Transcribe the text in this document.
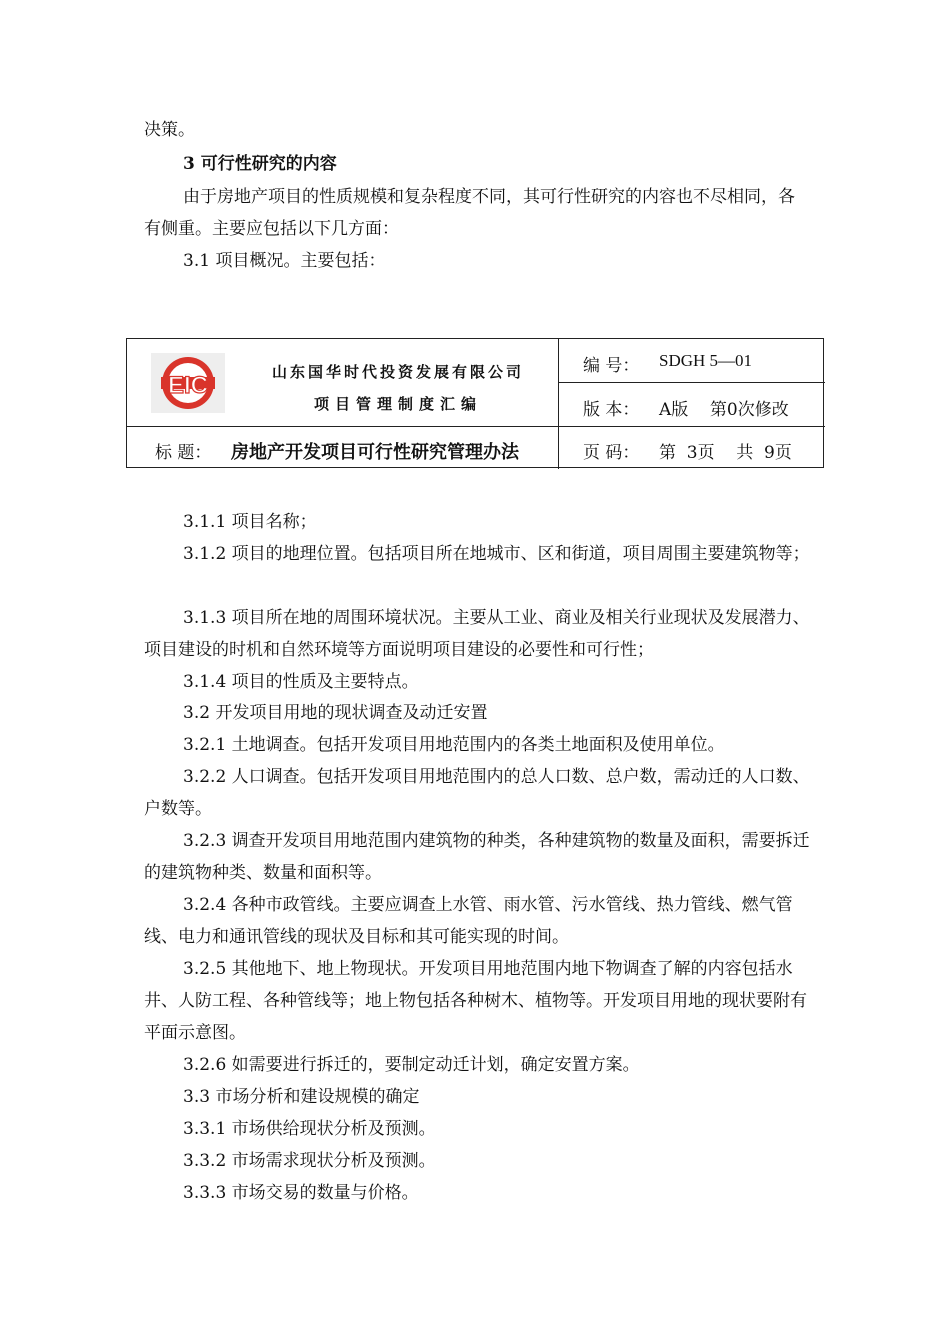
决策。
3 可行性研究的内容
由于房地产项目的性质规模和复杂程度不同，其可行性研究的内容也不尽相同，各有侧重。主要应包括以下几方面：
3.1 项目概况。主要包括：
EIC	山东国华时代投资发展有限公司
项目管理制度汇编
编 号： SDGH 5—01
版 本： A版    第0次修改
标 题： 房地产开发项目可行性研究管理办法	页 码： 第  3页    共  9页
3.1.1 项目名称；
3.1.2 项目的地理位置。包括项目所在地城市、区和街道，项目周围主要建筑物等；
3.1.3 项目所在地的周围环境状况。主要从工业、商业及相关行业现状及发展潜力、项目建设的时机和自然环境等方面说明项目建设的必要性和可行性；
3.1.4 项目的性质及主要特点。
3.2 开发项目用地的现状调查及动迁安置
3.2.1 土地调查。包括开发项目用地范围内的各类土地面积及使用单位。
3.2.2 人口调查。包括开发项目用地范围内的总人口数、总户数，需动迁的人口数、户数等。
3.2.3 调查开发项目用地范围内建筑物的种类，各种建筑物的数量及面积，需要拆迁的建筑物种类、数量和面积等。
3.2.4 各种市政管线。主要应调查上水管、雨水管、污水管线、热力管线、燃气管线、电力和通讯管线的现状及目标和其可能实现的时间。
3.2.5 其他地下、地上物现状。开发项目用地范围内地下物调查了解的内容包括水井、人防工程、各种管线等；地上物包括各种树木、植物等。开发项目用地的现状要附有平面示意图。
3.2.6 如需要进行拆迁的，要制定动迁计划，确定安置方案。
3.3 市场分析和建设规模的确定
3.3.1 市场供给现状分析及预测。
3.3.2 市场需求现状分析及预测。
3.3.3 市场交易的数量与价格。
